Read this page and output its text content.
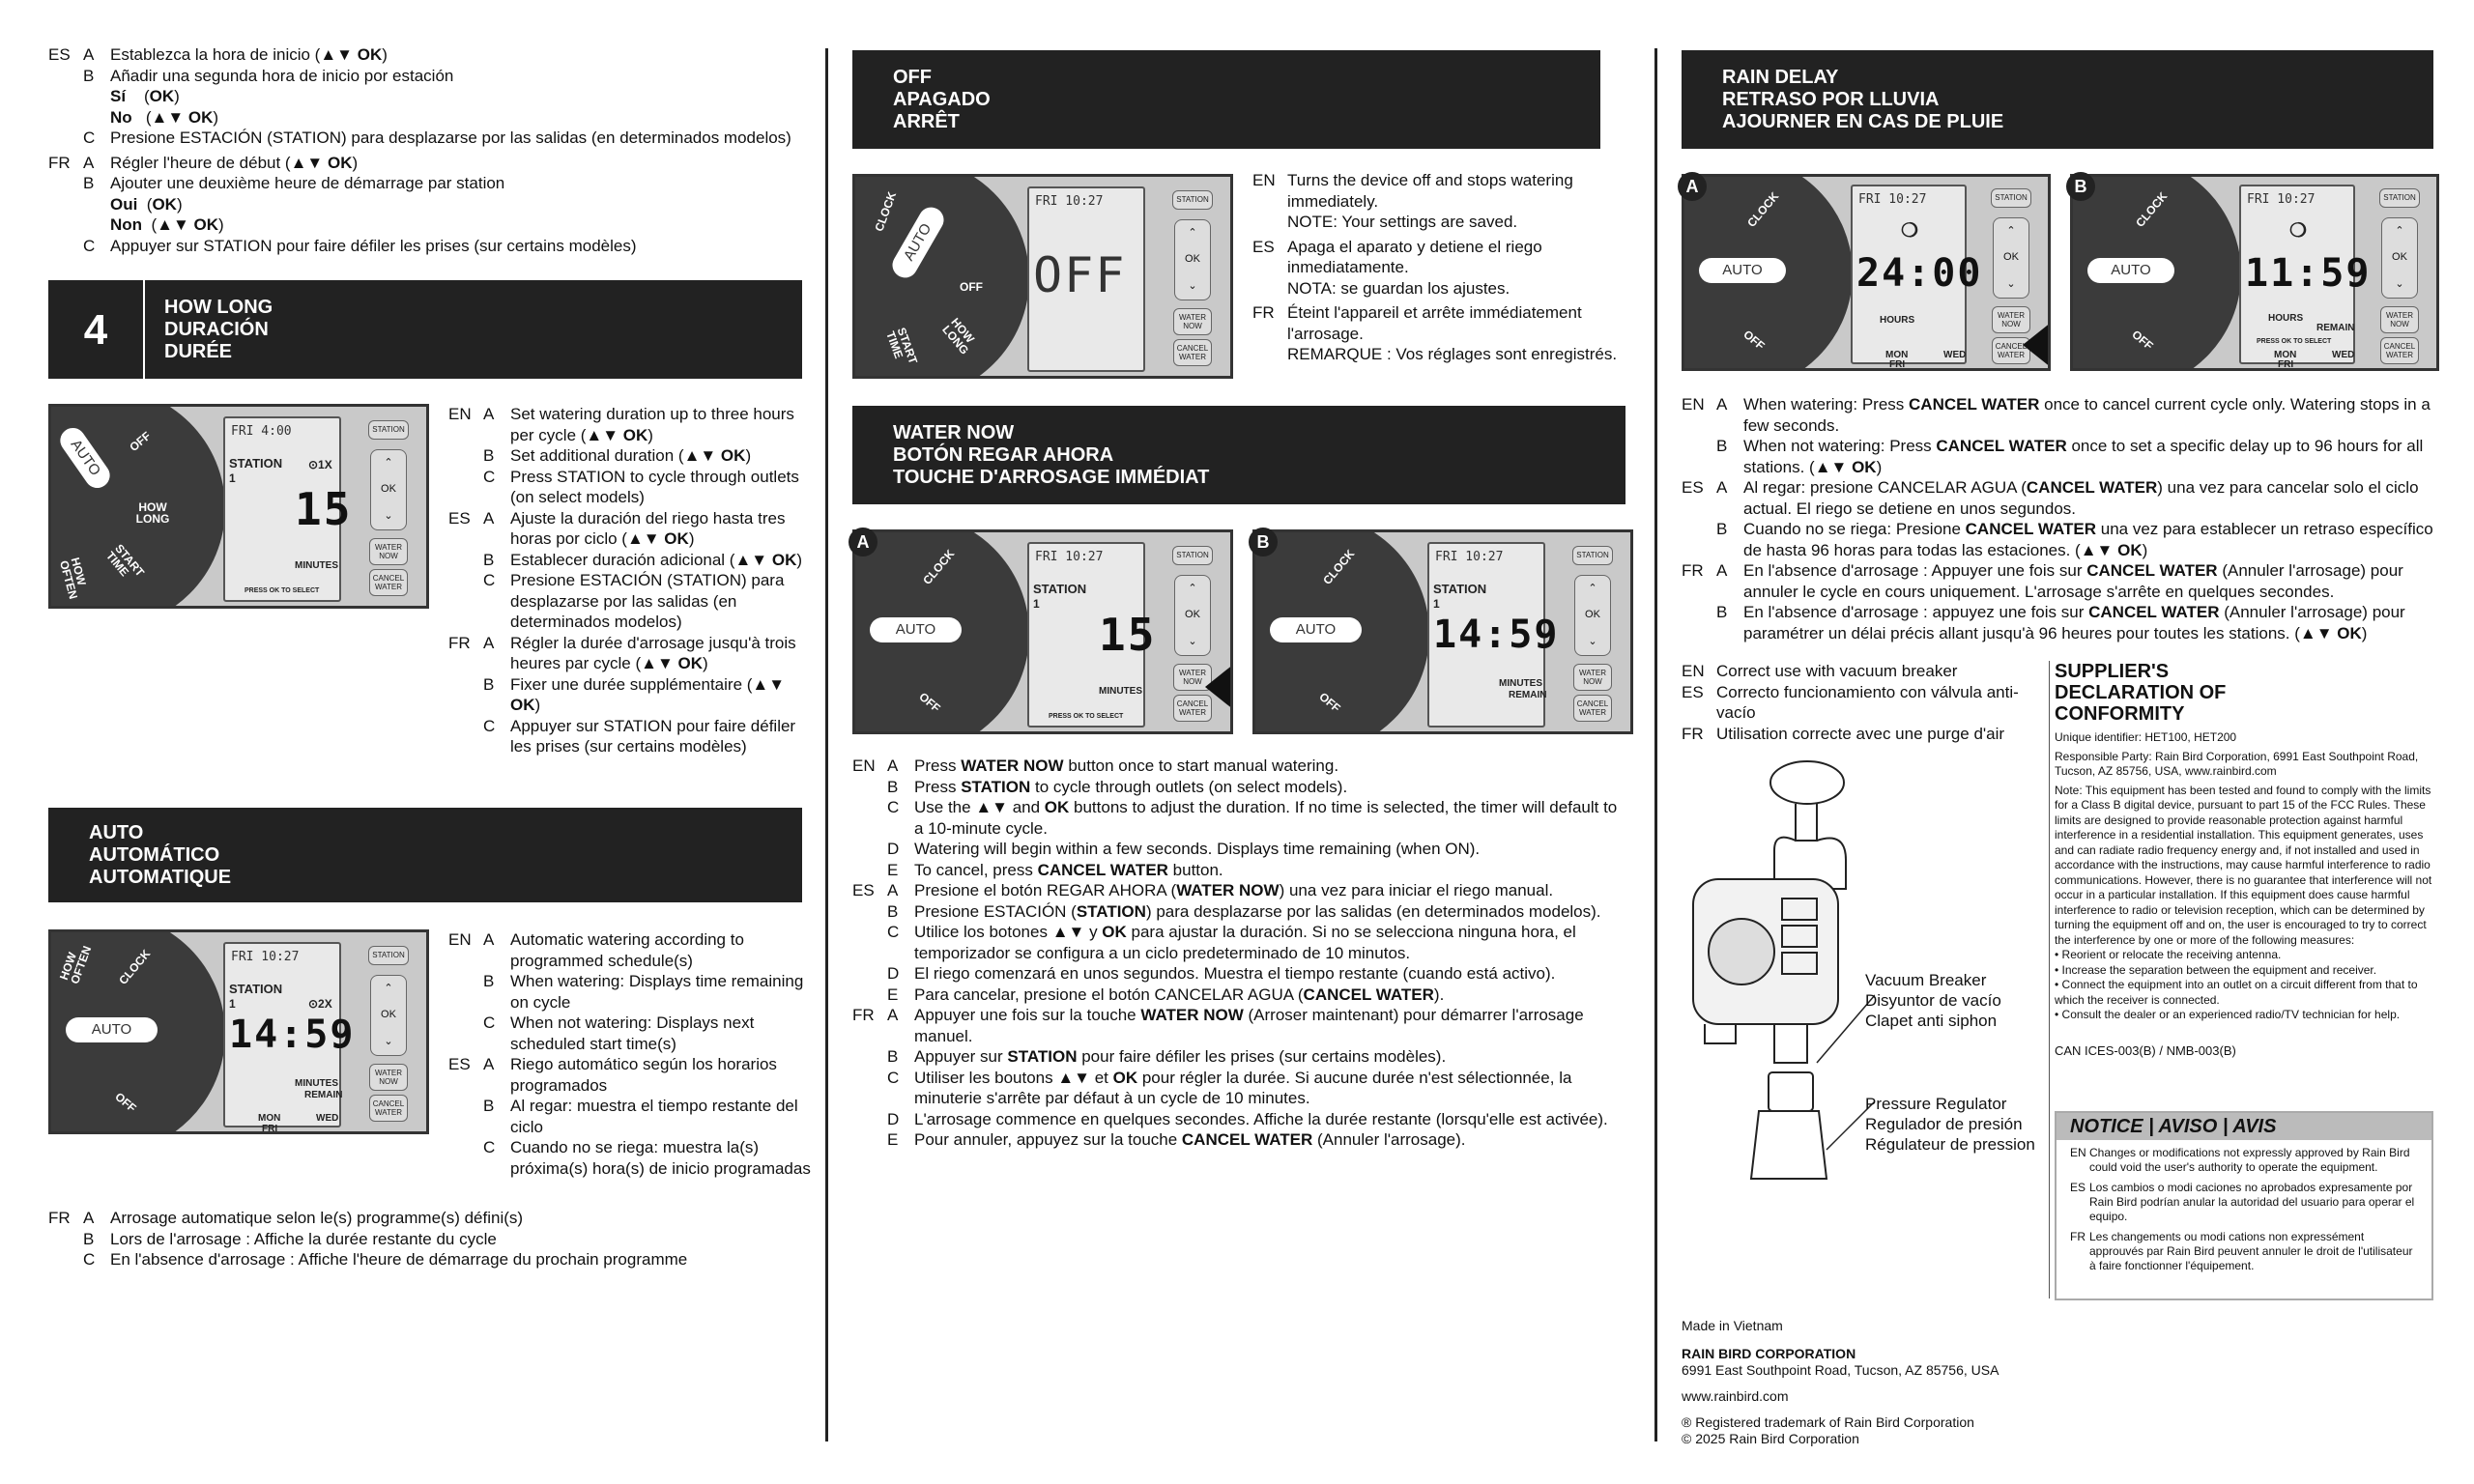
ES A Establezca la hora de inicio (▲▼ OK)
B Añadir una segunda hora de inicio por estación
Sí    (OK)
No   (▲▼ OK)
C Presione ESTACIÓN (STATION) para desplazarse por las salidas (en determinados modelos)
FR A Régler l'heure de début (▲▼ OK)
B Ajouter une deuxième heure de démarrage par station
Oui  (OK)
Non  (▲▼ OK)
C Appuyer sur STATION pour faire défiler les prises (sur certains modèles)
4	HOW LONG
DURACIÓN
DURÉE
AUTO	OFF
HOW LONG
START TIME
HOW OFTEN
FRI 4:00
STATION ⊙1X
1
15
MINUTES
PRESS OK TO SELECT
STATION
⌃
OK
⌄
WATER NOW
CANCEL WATER
EN A Set watering duration up to three hours per cycle (▲▼ OK)
B Set additional duration (▲▼ OK)
C Press STATION to cycle through outlets (on select models)
ES A Ajuste la duración del riego hasta tres horas por ciclo (▲▼ OK)
B Establecer duración adicional (▲▼ OK)
C Presione ESTACIÓN (STATION) para desplazarse por las salidas (en determinados modelos)
FR A Régler la durée d'arrosage jusqu'à trois heures par cycle (▲▼ OK)
B Fixer une durée supplémentaire (▲▼ OK)
C Appuyer sur STATION pour faire défiler les prises (sur certains modèles)
AUTO
AUTOMÁTICO
AUTOMATIQUE
AUTO
CLOCK
OFF
HOW OFTEN	FRI 10:27
STATION
⊙2X
1
14:59
MINUTES
REMAIN
MON
FRI
WED
STATION
⌃
OK
⌄
WATER NOW
CANCEL WATER
EN A Automatic watering according to programmed schedule(s)
B When watering: Displays time remaining on cycle
C When not watering: Displays next scheduled start time(s)
ES A Riego automático según los horarios programados
B Al regar: muestra el tiempo restante del ciclo
C Cuando no se riega: muestra la(s) próxima(s) hora(s) de inicio programadas
FR A Arrosage automatique selon le(s) programme(s) défini(s)
B Lors de l'arrosage : Affiche la durée restante du cycle
C En l'absence d'arrosage : Affiche l'heure de démarrage du prochain programme
OFF
APAGADO
ARRÊT
AUTO
CLOCK
OFF
HOW LONG
START TIME
FRI 10:27
OFF
STATION
⌃
OK
⌄
WATER NOW
CANCEL WATER
EN Turns the device off and stops watering immediately.
NOTE: Your settings are saved.
ES Apaga el aparato y detiene el riego inmediatamente.
NOTA: se guardan los ajustes.
FR Éteint l'appareil et arrête immédiatement l'arrosage.
REMARQUE : Vos réglages sont enregistrés.
WATER NOW
BOTÓN REGAR AHORA
TOUCHE D'ARROSAGE IMMÉDIAT
AUTO
CLOCK
OFF
FRI 10:27
STATION
1
15
MINUTES
PRESS OK TO SELECT
STATION
⌃
OK
⌄
WATER NOW
CANCEL WATER
A
AUTO
CLOCK
OFF
FRI 10:27
STATION
1
14:59
MINUTES
REMAIN
STATION
⌃
OK
⌄
WATER NOW
CANCEL WATER
B
EN A Press WATER NOW button once to start manual watering.
B Press STATION to cycle through outlets (on select models).
C Use the ▲▼ and OK buttons to adjust the duration. If no time is selected, the timer will default to a 10-minute cycle.
D Watering will begin within a few seconds. Displays time remaining (when ON).
E To cancel, press CANCEL WATER button.
ES A Presione el botón REGAR AHORA (WATER NOW) una vez para iniciar el riego manual.
B Presione ESTACIÓN (STATION) para desplazarse por las salidas (en determinados modelos).
C Utilice los botones ▲▼ y OK para ajustar la duración. Si no se selecciona ninguna hora, el temporizador se configura a un ciclo predeterminado de 10 minutos.
D El riego comenzará en unos segundos. Muestra el tiempo restante (cuando está activo).
E Para cancelar, presione el botón CANCELAR AGUA (CANCEL WATER).
FR A Appuyer une fois sur la touche WATER NOW (Arroser maintenant) pour démarrer l'arrosage manuel.
B Appuyer sur STATION pour faire défiler les prises (sur certains modèles).
C Utiliser les boutons ▲▼ et OK pour régler la durée. Si aucune durée n'est sélectionnée, la minuterie s'arrête par défaut à un cycle de 10 minutes.
D L'arrosage commence en quelques secondes. Affiche la durée restante (lorsqu'elle est activée).
E Pour annuler, appuyez sur la touche CANCEL WATER (Annuler l'arrosage).
RAIN DELAY
RETRASO POR LLUVIA
AJOURNER EN CAS DE PLUIE
AUTO
CLOCK
OFF
FRI 10:27
❍
24:00
HOURS
MON
FRI
WED
STATION
⌃
OK
⌄
WATER NOW
CANCEL WATER
A
AUTO
CLOCK
OFF
FRI 10:27
❍
11:59
HOURS
REMAIN
PRESS OK TO SELECT
MON
FRI
WED
STATION
⌃
OK
⌄
WATER NOW
CANCEL WATER
B
EN A When watering: Press CANCEL WATER once to cancel current cycle only. Watering stops in a few seconds.
B When not watering: Press CANCEL WATER once to set a specific delay up to 96 hours for all stations. (▲▼ OK)
ES A Al regar: presione CANCELAR AGUA (CANCEL WATER) una vez para cancelar solo el ciclo actual. El riego se detiene en unos segundos.
B Cuando no se riega: Presione CANCEL WATER una vez para establecer un retraso específico de hasta 96 horas para todas las estaciones. (▲▼ OK)
FR A En l'absence d'arrosage : Appuyer une fois sur CANCEL WATER (Annuler l'arrosage) pour annuler le cycle en cours uniquement. L'arrosage s'arrête en quelques secondes.
B En l'absence d'arrosage : appuyez une fois sur CANCEL WATER (Annuler l'arrosage) pour paramétrer un délai précis allant jusqu'à 96 heures pour toutes les stations. (▲▼ OK)
EN Correct use with vacuum breaker
ES Correcto funcionamiento con válvula anti-vacío
FR Utilisation correcte avec une purge d'air
Vacuum Breaker
Disyuntor de vacío
Clapet anti siphon
Pressure Regulator
Regulador de presión
Régulateur de pression
SUPPLIER'S DECLARATION OF CONFORMITY
Unique identifier: HET100, HET200
Responsible Party: Rain Bird Corporation, 6991 East Southpoint Road, Tucson, AZ 85756, USA, www.rainbird.com
Note: This equipment has been tested and found to comply with the limits for a Class B digital device, pursuant to part 15 of the FCC Rules. These limits are designed to provide reasonable protection against harmful interference in a residential installation. This equipment generates, uses and can radiate radio frequency energy and, if not installed and used in accordance with the instructions, may cause harmful interference to radio communications. However, there is no guarantee that interference will not occur in a particular installation. If this equipment does cause harmful interference to radio or television reception, which can be determined by turning the equipment off and on, the user is encouraged to try to correct the interference by one or more of the following measures:
• Reorient or relocate the receiving antenna.
• Increase the separation between the equipment and receiver.
• Connect the equipment into an outlet on a circuit different from that to which the receiver is connected.
• Consult the dealer or an experienced radio/TV technician for help.
CAN ICES-003(B) / NMB-003(B)
NOTICE | AVISO | AVIS
EN Changes or modifications not expressly approved by Rain Bird could void the user's authority to operate the equipment.
ES Los cambios o modi caciones no aprobados expresamente por Rain Bird podrían anular la autoridad del usuario para operar el equipo.
FR Les changements ou modi cations non expressément approuvés par Rain Bird peuvent annuler le droit de l'utilisateur à faire fonctionner l'équipement.
Made in Vietnam
RAIN BIRD CORPORATION
6991 East Southpoint Road, Tucson, AZ 85756, USA
www.rainbird.com
® Registered trademark of Rain Bird Corporation
© 2025 Rain Bird Corporation
